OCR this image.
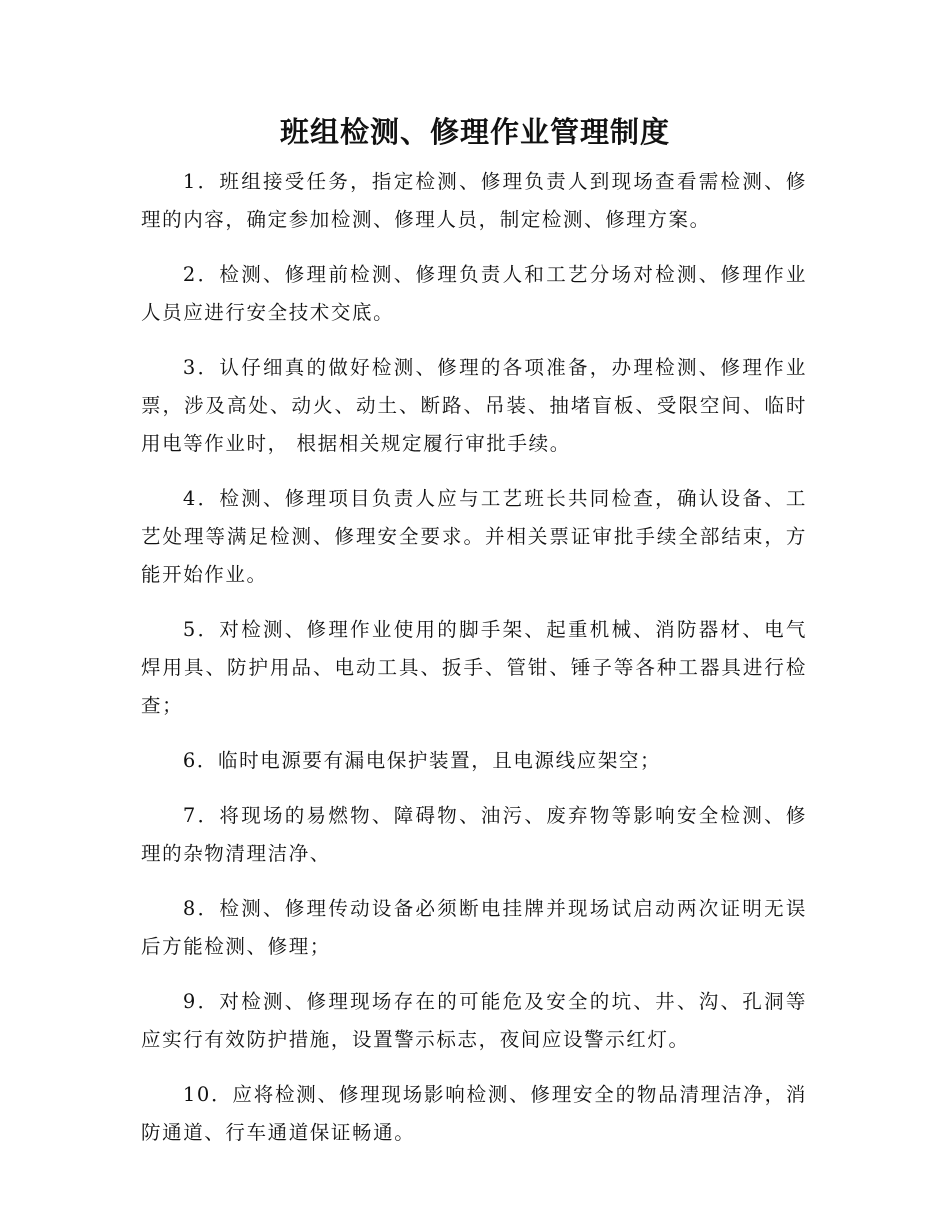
班组检测、修理作业管理制度

1．班组接受任务，指定检测、修理负责人到现场查看需检测、修理的内容，确定参加检测、修理人员，制定检测、修理方案。

2．检测、修理前检测、修理负责人和工艺分场对检测、修理作业人员应进行安全技术交底。

3．认仔细真的做好检测、修理的各项准备，办理检测、修理作业票，涉及高处、动火、动土、断路、吊装、抽堵盲板、受限空间、临时用电等作业时， 根据相关规定履行审批手续。

4．检测、修理项目负责人应与工艺班长共同检查，确认设备、工艺处理等满足检测、修理安全要求。并相关票证审批手续全部结束，方能开始作业。

5．对检测、修理作业使用的脚手架、起重机械、消防器材、电气焊用具、防护用品、电动工具、扳手、管钳、锤子等各种工器具进行检查；

6．临时电源要有漏电保护装置，且电源线应架空；

7．将现场的易燃物、障碍物、油污、废弃物等影响安全检测、修理的杂物清理洁净、

8．检测、修理传动设备必须断电挂牌并现场试启动两次证明无误后方能检测、修理；

9．对检测、修理现场存在的可能危及安全的坑、井、沟、孔洞等应实行有效防护措施，设置警示标志，夜间应设警示红灯。

10．应将检测、修理现场影响检测、修理安全的物品清理洁净，消防通道、行车通道保证畅通。
